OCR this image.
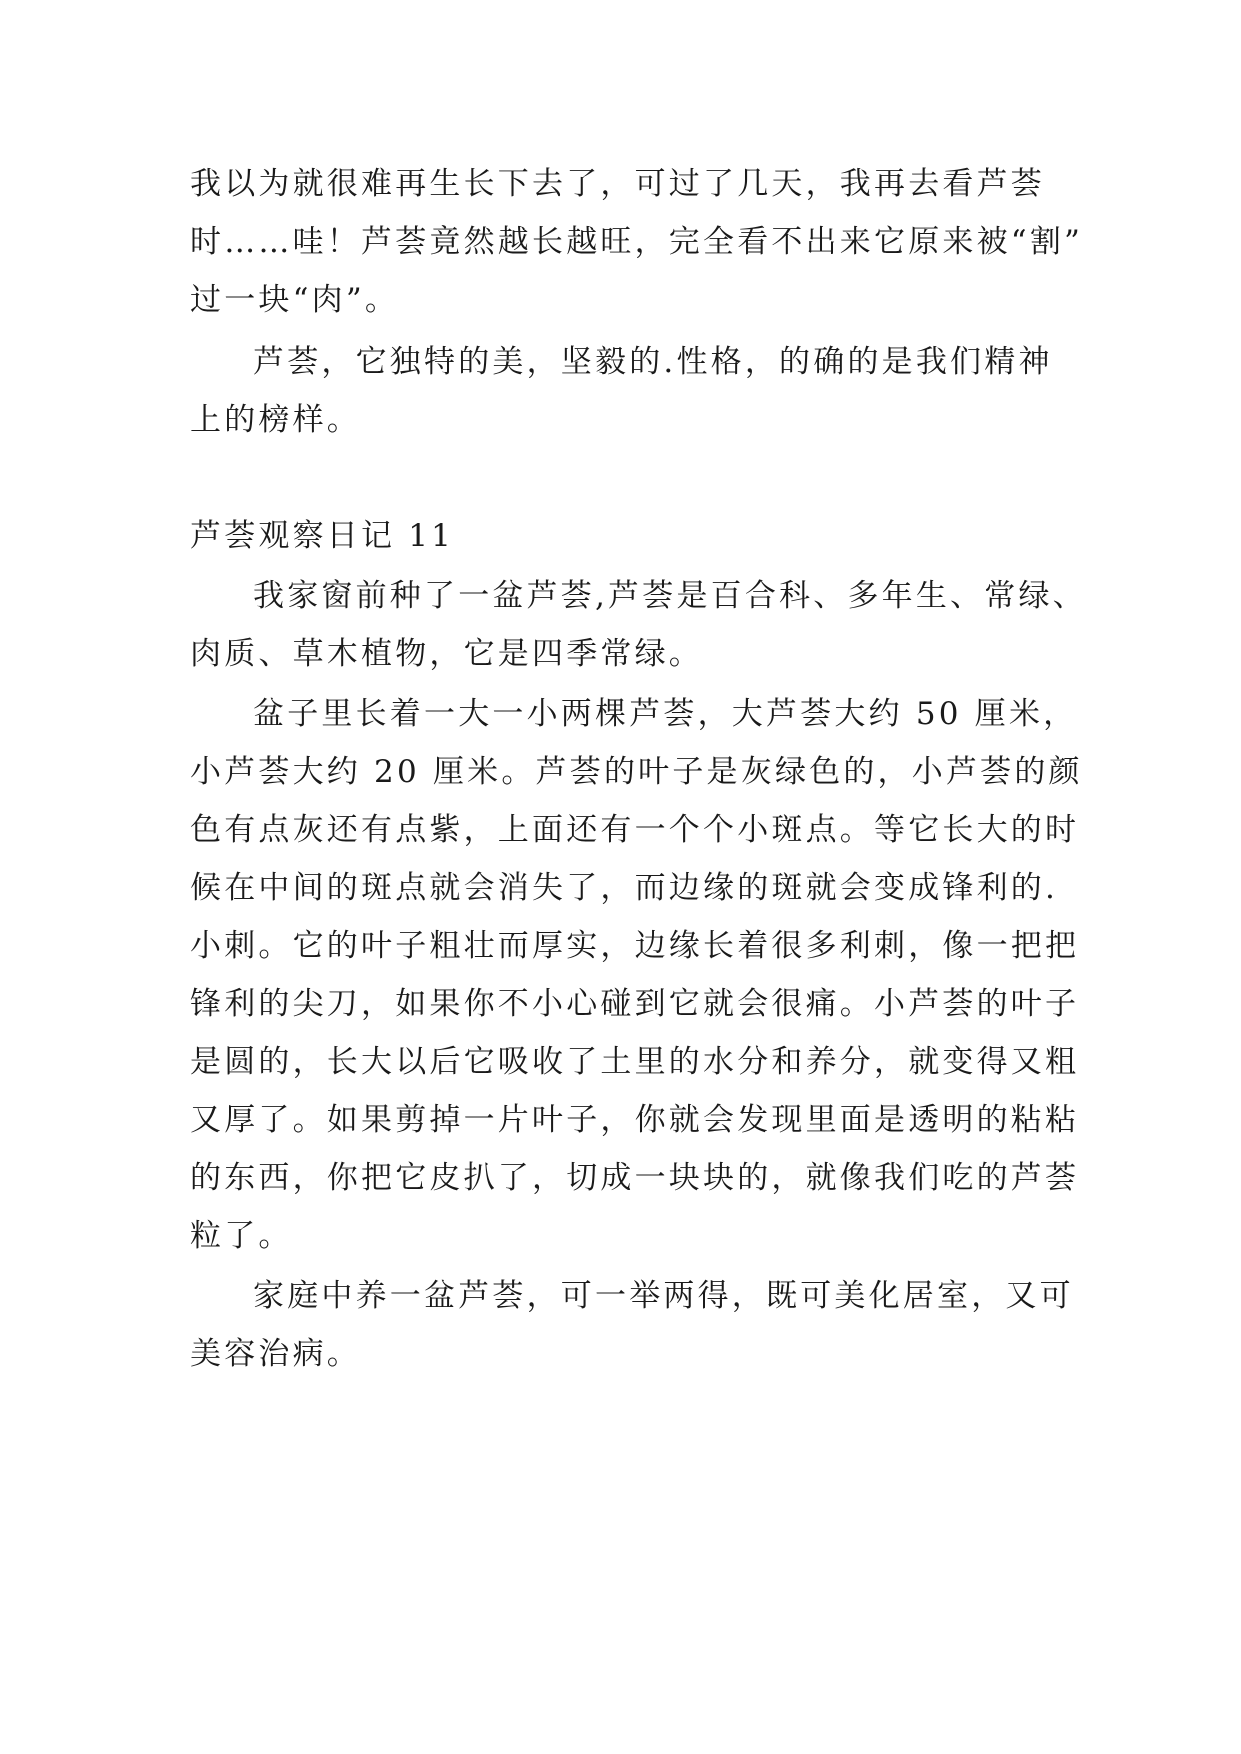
我以为就很难再生长下去了，可过了几天，我再去看芦荟
时……哇！芦荟竟然越长越旺，完全看不出来它原来被“割”
过一块“肉”。
芦荟，它独特的美，坚毅的.性格，的确的是我们精神
上的榜样。
芦荟观察日记 11
我家窗前种了一盆芦荟,芦荟是百合科、多年生、常绿、
肉质、草木植物，它是四季常绿。
盆子里长着一大一小两棵芦荟，大芦荟大约 50 厘米，
小芦荟大约 20 厘米。芦荟的叶子是灰绿色的，小芦荟的颜
色有点灰还有点紫，上面还有一个个小斑点。等它长大的时
候在中间的斑点就会消失了，而边缘的斑就会变成锋利的.
小刺。它的叶子粗壮而厚实，边缘长着很多利刺，像一把把
锋利的尖刀，如果你不小心碰到它就会很痛。小芦荟的叶子
是圆的，长大以后它吸收了土里的水分和养分，就变得又粗
又厚了。如果剪掉一片叶子，你就会发现里面是透明的粘粘
的东西，你把它皮扒了，切成一块块的，就像我们吃的芦荟
粒了。
家庭中养一盆芦荟，可一举两得，既可美化居室，又可
美容治病。
